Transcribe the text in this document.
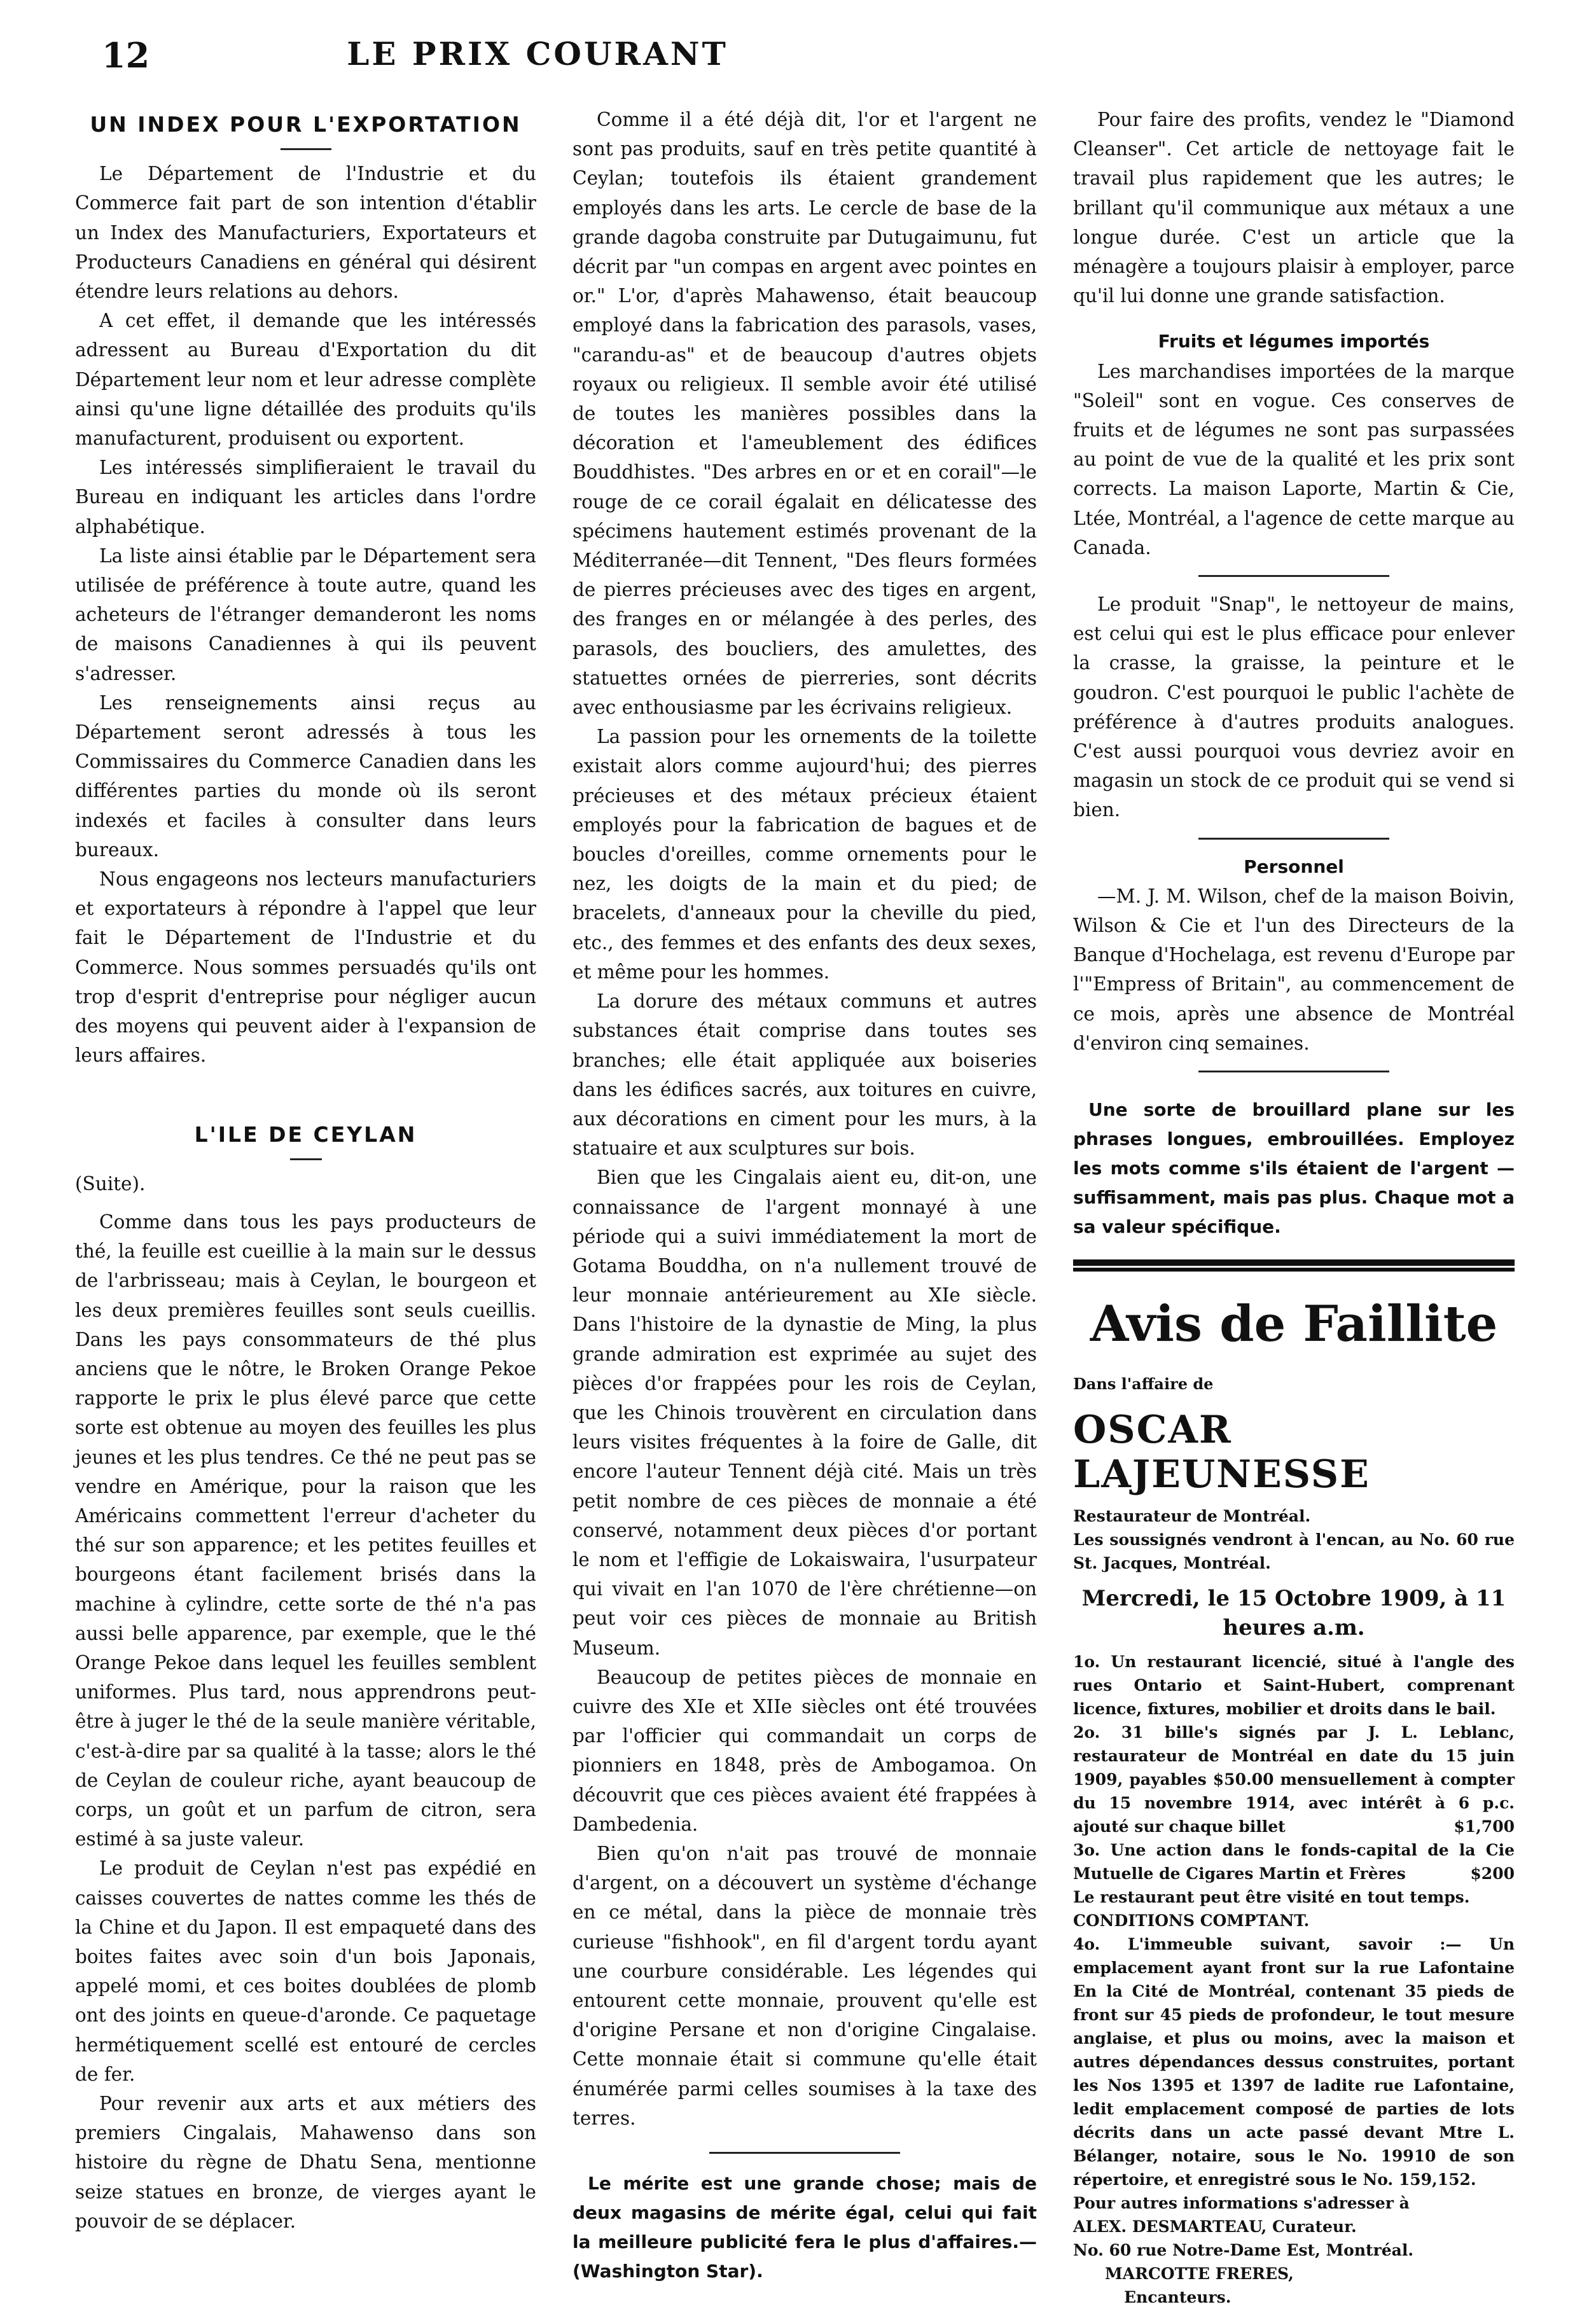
12	LE PRIX COURANT
UN INDEX POUR L'EXPORTATION

Le Département de l'Industrie et du Commerce fait part de son intention d'établir un Index des Manufacturiers, Exportateurs et Producteurs Canadiens en général qui désirent étendre leurs relations au dehors.

A cet effet, il demande que les intéressés adressent au Bureau d'Exportation du dit Département leur nom et leur adresse complète ainsi qu'une ligne détaillée des produits qu'ils manufacturent, produisent ou exportent.

Les intéressés simplifieraient le travail du Bureau en indiquant les articles dans l'ordre alphabétique.

La liste ainsi établie par le Département sera utilisée de préférence à toute autre, quand les acheteurs de l'étranger demanderont les noms de maisons Canadiennes à qui ils peuvent s'adresser.

Les renseignements ainsi reçus au Département seront adressés à tous les Commissaires du Commerce Canadien dans les différentes parties du monde où ils seront indexés et faciles à consulter dans leurs bureaux.

Nous engageons nos lecteurs manufacturiers et exportateurs à répondre à l'appel que leur fait le Département de l'Industrie et du Commerce. Nous sommes persuadés qu'ils ont trop d'esprit d'entreprise pour négliger aucun des moyens qui peuvent aider à l'expansion de leurs affaires.

L'ILE DE CEYLAN

(Suite).

Comme dans tous les pays producteurs de thé, la feuille est cueillie à la main sur le dessus de l'arbrisseau; mais à Ceylan, le bourgeon et les deux premières feuilles sont seuls cueillis. Dans les pays consommateurs de thé plus anciens que le nôtre, le Broken Orange Pekoe rapporte le prix le plus élevé parce que cette sorte est obtenue au moyen des feuilles les plus jeunes et les plus tendres. Ce thé ne peut pas se vendre en Amérique, pour la raison que les Américains commettent l'erreur d'acheter du thé sur son apparence; et les petites feuilles et bourgeons étant facilement brisés dans la machine à cylindre, cette sorte de thé n'a pas aussi belle apparence, par exemple, que le thé Orange Pekoe dans lequel les feuilles semblent uniformes. Plus tard, nous apprendrons peut-être à juger le thé de la seule manière véritable, c'est-à-dire par sa qualité à la tasse; alors le thé de Ceylan de couleur riche, ayant beaucoup de corps, un goût et un parfum de citron, sera estimé à sa juste valeur.

Le produit de Ceylan n'est pas expédié en caisses couvertes de nattes comme les thés de la Chine et du Japon. Il est empaqueté dans des boites faites avec soin d'un bois Japonais, appelé momi, et ces boites doublées de plomb ont des joints en queue-d'aronde. Ce paquetage hermétiquement scellé est entouré de cercles de fer.

Pour revenir aux arts et aux métiers des premiers Cingalais, Mahawenso dans son histoire du règne de Dhatu Sena, mentionne seize statues en bronze, de vierges ayant le pouvoir de se déplacer.

Comme il a été déjà dit, l'or et l'argent ne sont pas produits, sauf en très petite quantité à Ceylan; toutefois ils étaient grandement employés dans les arts. Le cercle de base de la grande dagoba construite par Dutugaimunu, fut décrit par "un compas en argent avec pointes en or." L'or, d'après Mahawenso, était beaucoup employé dans la fabrication des parasols, vases, "carandu-as" et de beaucoup d'autres objets royaux ou religieux. Il semble avoir été utilisé de toutes les manières possibles dans la décoration et l'ameublement des édifices Bouddhistes. "Des arbres en or et en corail"—le rouge de ce corail égalait en délicatesse des spécimens hautement estimés provenant de la Méditerranée—dit Tennent, "Des fleurs formées de pierres précieuses avec des tiges en argent, des franges en or mélangée à des perles, des parasols, des boucliers, des amulettes, des statuettes ornées de pierreries, sont décrits avec enthousiasme par les écrivains religieux.

La passion pour les ornements de la toilette existait alors comme aujourd'hui; des pierres précieuses et des métaux précieux étaient employés pour la fabrication de bagues et de boucles d'oreilles, comme ornements pour le nez, les doigts de la main et du pied; de bracelets, d'anneaux pour la cheville du pied, etc., des femmes et des enfants des deux sexes, et même pour les hommes.

La dorure des métaux communs et autres substances était comprise dans toutes ses branches; elle était appliquée aux boiseries dans les édifices sacrés, aux toitures en cuivre, aux décorations en ciment pour les murs, à la statuaire et aux sculptures sur bois.

Bien que les Cingalais aient eu, dit-on, une connaissance de l'argent monnayé à une période qui a suivi immédiatement la mort de Gotama Bouddha, on n'a nullement trouvé de leur monnaie antérieurement au XIe siècle. Dans l'histoire de la dynastie de Ming, la plus grande admiration est exprimée au sujet des pièces d'or frappées pour les rois de Ceylan, que les Chinois trouvèrent en circulation dans leurs visites fréquentes à la foire de Galle, dit encore l'auteur Tennent déjà cité. Mais un très petit nombre de ces pièces de monnaie a été conservé, notamment deux pièces d'or portant le nom et l'effigie de Lokaiswaira, l'usurpateur qui vivait en l'an 1070 de l'ère chrétienne—on peut voir ces pièces de monnaie au British Museum.

Beaucoup de petites pièces de monnaie en cuivre des XIe et XIIe siècles ont été trouvées par l'officier qui commandait un corps de pionniers en 1848, près de Ambogamoa. On découvrit que ces pièces avaient été frappées à Dambedenia.

Bien qu'on n'ait pas trouvé de monnaie d'argent, on a découvert un système d'échange en ce métal, dans la pièce de monnaie très curieuse "fishhook", en fil d'argent tordu ayant une courbure considérable. Les légendes qui entourent cette monnaie, prouvent qu'elle est d'origine Persane et non d'origine Cingalaise. Cette monnaie était si commune qu'elle était énumérée parmi celles soumises à la taxe des terres.

Le mérite est une grande chose; mais de deux magasins de mérite égal, celui qui fait la meilleure publicité fera le plus d'affaires.—(Washington Star).

Pour faire des profits, vendez le "Diamond Cleanser". Cet article de nettoyage fait le travail plus rapidement que les autres; le brillant qu'il communique aux métaux a une longue durée. C'est un article que la ménagère a toujours plaisir à employer, parce qu'il lui donne une grande satisfaction.

Fruits et légumes importés

Les marchandises importées de la marque "Soleil" sont en vogue. Ces conserves de fruits et de légumes ne sont pas surpassées au point de vue de la qualité et les prix sont corrects. La maison Laporte, Martin & Cie, Ltée, Montréal, a l'agence de cette marque au Canada.

Le produit "Snap", le nettoyeur de mains, est celui qui est le plus efficace pour enlever la crasse, la graisse, la peinture et le goudron. C'est pourquoi le public l'achète de préférence à d'autres produits analogues. C'est aussi pourquoi vous devriez avoir en magasin un stock de ce produit qui se vend si bien.

Personnel

—M. J. M. Wilson, chef de la maison Boivin, Wilson & Cie et l'un des Directeurs de la Banque d'Hochelaga, est revenu d'Europe par l'"Empress of Britain", au commencement de ce mois, après une absence de Montréal d'environ cinq semaines.

Une sorte de brouillard plane sur les phrases longues, embrouillées. Employez les mots comme s'ils étaient de l'argent —suffisamment, mais pas plus. Chaque mot a sa valeur spécifique.

Avis de Faillite
Dans l'affaire de
OSCAR LAJEUNESSE

Restaurateur de Montréal.

Les soussignés vendront à l'encan, au No. 60 rue St. Jacques, Montréal.

Mercredi, le 15 Octobre 1909, à 11 heures a.m.

1o. Un restaurant licencié, situé à l'angle des rues Ontario et Saint-Hubert, comprenant licence, fixtures, mobilier et droits dans le bail.

2o. 31 bille's signés par J. L. Leblanc, restaurateur de Montréal en date du 15 juin 1909, payables $50.00 mensuellement à compter du 15 novembre 1914, avec intérêt à 6 p.c. ajouté sur chaque billet	$1,700

3o. Une action dans le fonds-capital de la Cie Mutuelle de Cigares Martin et Frères	$200

Le restaurant peut être visité en tout temps.

CONDITIONS COMPTANT.

4o. L'immeuble suivant, savoir :— Un emplacement ayant front sur la rue Lafontaine En la Cité de Montréal, contenant 35 pieds de front sur 45 pieds de profondeur, le tout mesure anglaise, et plus ou moins, avec la maison et autres dépendances dessus construites, portant les Nos 1395 et 1397 de ladite rue Lafontaine, ledit emplacement composé de parties de lots décrits dans un acte passé devant Mtre L. Bélanger, notaire, sous le No. 19910 de son répertoire, et enregistré sous le No. 159,152.

Pour autres informations s'adresser à

ALEX. DESMARTEAU, Curateur.

No. 60 rue Notre-Dame Est, Montréal.

MARCOTTE FRERES,

Encanteurs.
